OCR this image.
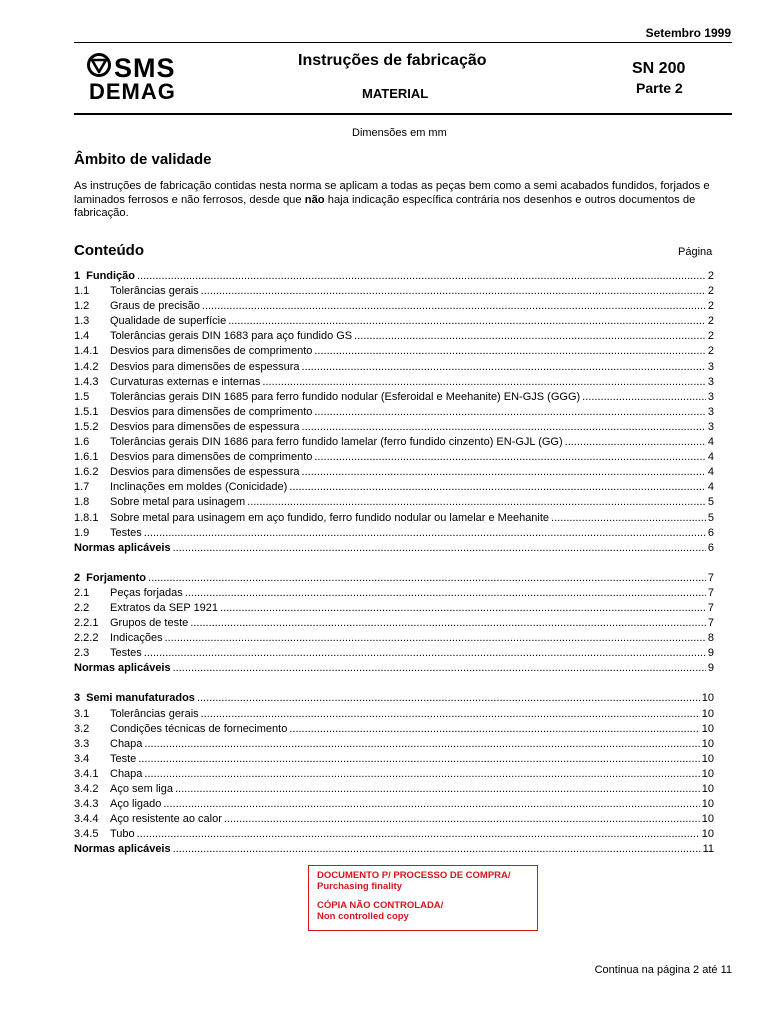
Setembro 1999
SMS
DEMAG
Instruções de fabricação
MATERIAL
SN 200
Parte 2
Dimensões em mm
Âmbito de validade
As instruções de fabricação contidas nesta norma se aplicam a todas as peças bem como a semi acabados fundidos, forjados e laminados ferrosos e não ferrosos, desde que não haja indicação específica contrária nos desenhos e outros documentos de fabricação.
Conteúdo	Página
1 Fundição .....	2
1.1	Tolerâncias gerais .....	2
1.2	Graus de precisão .....	2
1.3	Qualidade de superfície .....	2
1.4	Tolerâncias gerais DIN 1683 para aço fundido GS .....	2
1.4.1	Desvios para dimensões de comprimento .....	2
1.4.2	Desvios para dimensões de espessura .....	3
1.4.3	Curvaturas externas e internas .....	3
1.5	Tolerâncias gerais DIN 1685 para ferro fundido nodular (Esferoidal e Meehanite) EN-GJS (GGG) .....	3
1.5.1	Desvios para dimensões de comprimento .....	3
1.5.2	Desvios para dimensões de espessura .....	3
1.6	Tolerâncias gerais DIN 1686 para ferro fundido lamelar (ferro fundido cinzento) EN-GJL (GG) .....	4
1.6.1	Desvios para dimensões de comprimento .....	4
1.6.2	Desvios para dimensões de espessura .....	4
1.7	Inclinações em moldes (Conicidade) .....	4
1.8	Sobre metal para usinagem .....	5
1.8.1	Sobre metal para usinagem em aço fundido, ferro fundido nodular ou lamelar e Meehanite .....	5
1.9	Testes .....	6
Normas aplicáveis .....	6
2 Forjamento .....	7
2.1	Peças forjadas .....	7
2.2	Extratos da SEP 1921 .....	7
2.2.1	Grupos de teste .....	7
2.2.2	Indicações .....	8
2.3	Testes .....	9
Normas aplicáveis .....	9
3 Semi manufaturados .....	10
3.1	Tolerâncias gerais .....	10
3.2	Condições técnicas de fornecimento .....	10
3.3	Chapa .....	10
3.4	Teste .....	10
3.4.1	Chapa .....	10
3.4.2	Aço sem liga .....	10
3.4.3	Aço ligado .....	10
3.4.4	Aço resistente ao calor .....	10
3.4.5	Tubo .....	10
Normas aplicáveis .....	11
DOCUMENTO P/ PROCESSO DE COMPRA/
Purchasing finality
CÓPIA NÃO CONTROLADA/
Non controlled copy
Continua na página 2 até 11
